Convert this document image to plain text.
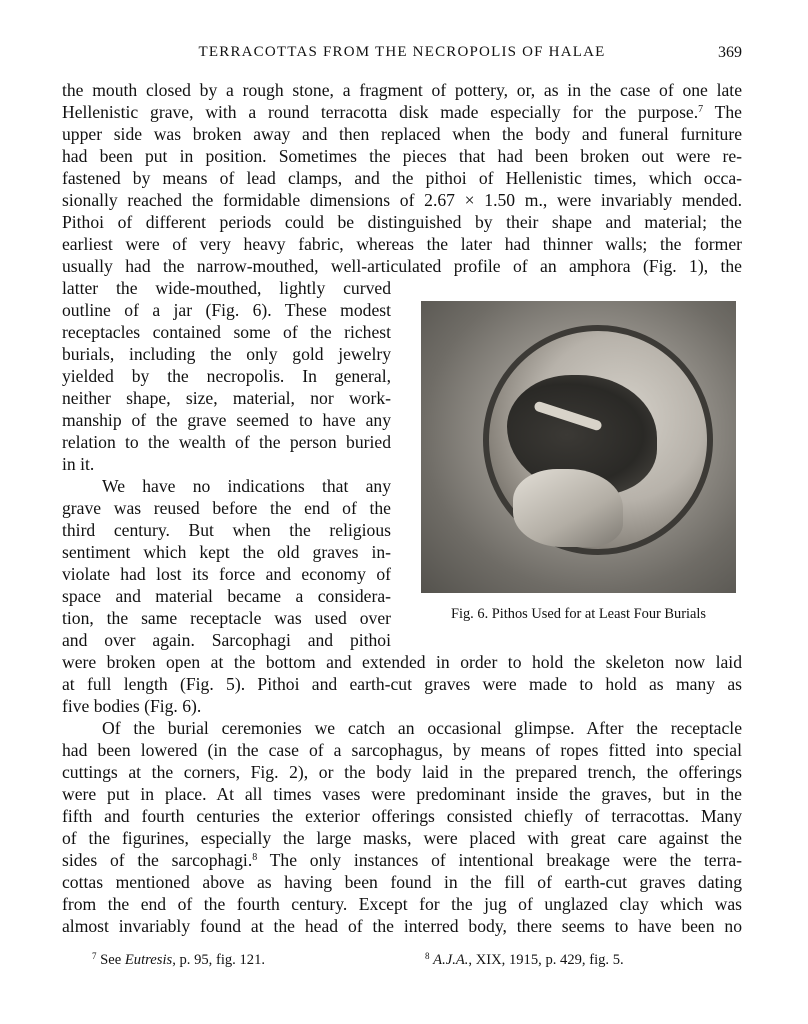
TERRACOTTAS FROM THE NECROPOLIS OF HALAE	369
the mouth closed by a rough stone, a fragment of pottery, or, as in the case of one late
Hellenistic grave, with a round terracotta disk made especially for the purpose.$^7$ The
upper side was broken away and then replaced when the body and funeral furniture
had been put in position. Sometimes the pieces that had been broken out were re-
fastened by means of lead clamps, and the pithoi of Hellenistic times, which occa-
sionally reached the formidable dimensions of 2.67 × 1.50 m., were invariably mended.
Pithoi of different periods could be distinguished by their shape and material; the
earliest were of very heavy fabric, whereas the later had thinner walls; the former
usually had the narrow-mouthed, well-articulated profile of an amphora (Fig. 1), the
latter the wide-mouthed, lightly curved
outline of a jar (Fig. 6). These modest
receptacles contained some of the richest
burials, including the only gold jewelry
yielded by the necropolis. In general,
neither shape, size, material, nor work-
manship of the grave seemed to have any
relation to the wealth of the person buried
in it.
We have no indications that any
grave was reused before the end of the
third century. But when the religious
sentiment which kept the old graves in-
violate had lost its force and economy of
space and material became a considera-
tion, the same receptacle was used over
and over again. Sarcophagi and pithoi
were broken open at the bottom and extended in order to hold the skeleton now laid
at full length (Fig. 5). Pithoi and earth-cut graves were made to hold as many as
five bodies (Fig. 6).
Of the burial ceremonies we catch an occasional glimpse. After the receptacle
had been lowered (in the case of a sarcophagus, by means of ropes fitted into special
cuttings at the corners, Fig. 2), or the body laid in the prepared trench, the offerings
were put in place. At all times vases were predominant inside the graves, but in the
fifth and fourth centuries the exterior offerings consisted chiefly of terracottas. Many
of the figurines, especially the large masks, were placed with great care against the
sides of the sarcophagi.$^8$ The only instances of intentional breakage were the terra-
cottas mentioned above as having been found in the fill of earth-cut graves dating
from the end of the fourth century. Except for the jug of unglazed clay which was
almost invariably found at the head of the interred body, there seems to have been no
Fig. 6. Pithos Used for at Least Four Burials
$^7$ See Eutresis, p. 95, fig. 121.	$^8$ A.J.A., XIX, 1915, p. 429, fig. 5.
